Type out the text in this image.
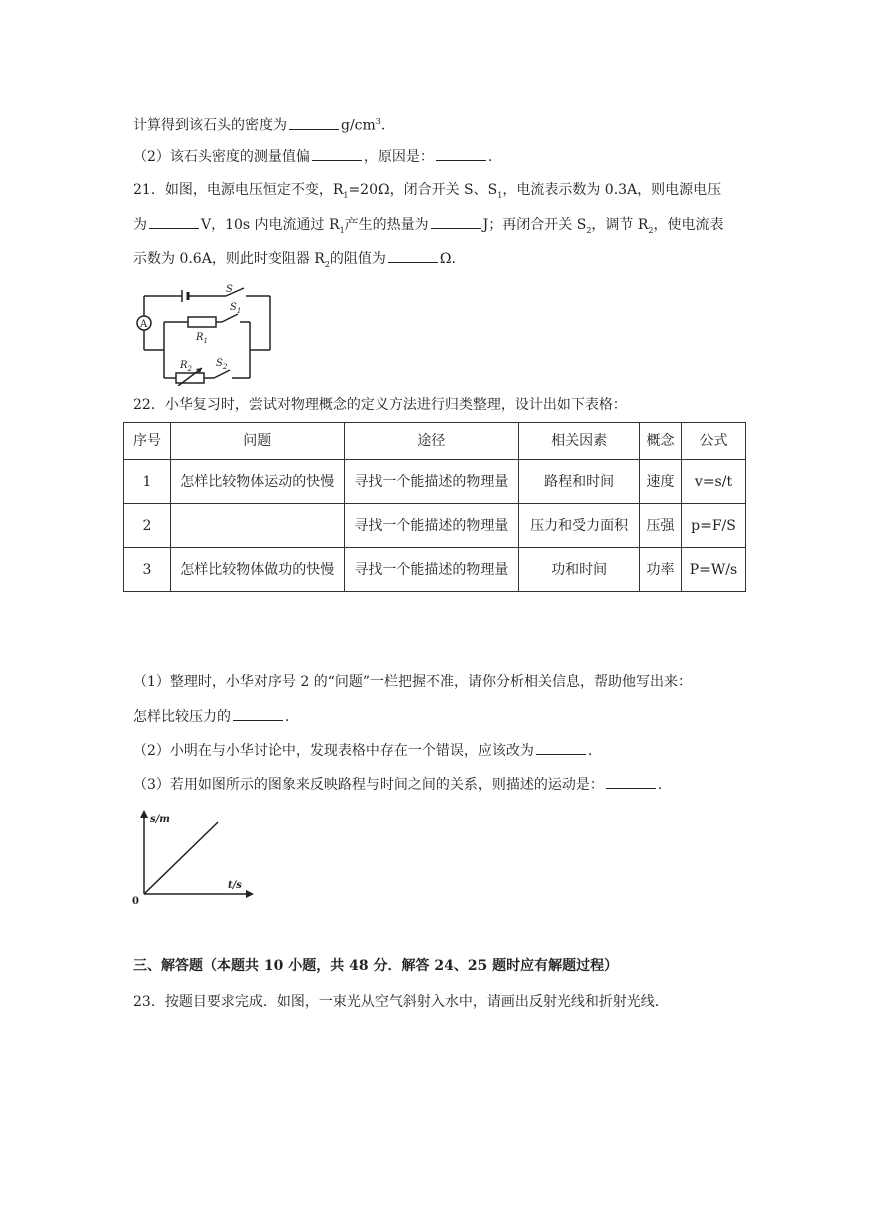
计算得到该石头的密度为	$g/cm^3$.
（2）该石头密度的测量值偏	，原因是：	.
21．如图，电源电压恒定不变，$R_1=20\Omega$，闭合开关 S、$S_1$，电流表示数为 0.3A，则电源电压
为	V，10s 内电流通过 $R_1$产生的热量为	J；再闭合开关 $S_2$，调节 $R_2$，使电流表
示数为 0.6A，则此时变阻器 $R_2$的阻值为	Ω．
A
S
$R_1$
$S_1$
$R_2$ $S_2$
22．小华复习时，尝试对物理概念的定义方法进行归类整理，设计出如下表格：
序号	问题	途径	相关因素	概念	公式
1	怎样比较物体运动的快慢	寻找一个能描述的物理量	路程和时间	速度	v=s/t
2		寻找一个能描述的物理量	压力和受力面积	压强	p=F/S
3	怎样比较物体做功的快慢	寻找一个能描述的物理量	功和时间	功率	P=W/s
（1）整理时，小华对序号 2 的“问题”一栏把握不准，请你分析相关信息，帮助他写出来：
怎样比较压力的	.
（2）小明在与小华讨论中，发现表格中存在一个错误，应该改为	.
（3）若用如图所示的图象来反映路程与时间之间的关系，则描述的运动是：	.
s/m
t/s
0
三、解答题（本题共 10 小题，共 48 分．解答 24、25 题时应有解题过程）
23．按题目要求完成．如图，一束光从空气斜射入水中，请画出反射光线和折射光线．
